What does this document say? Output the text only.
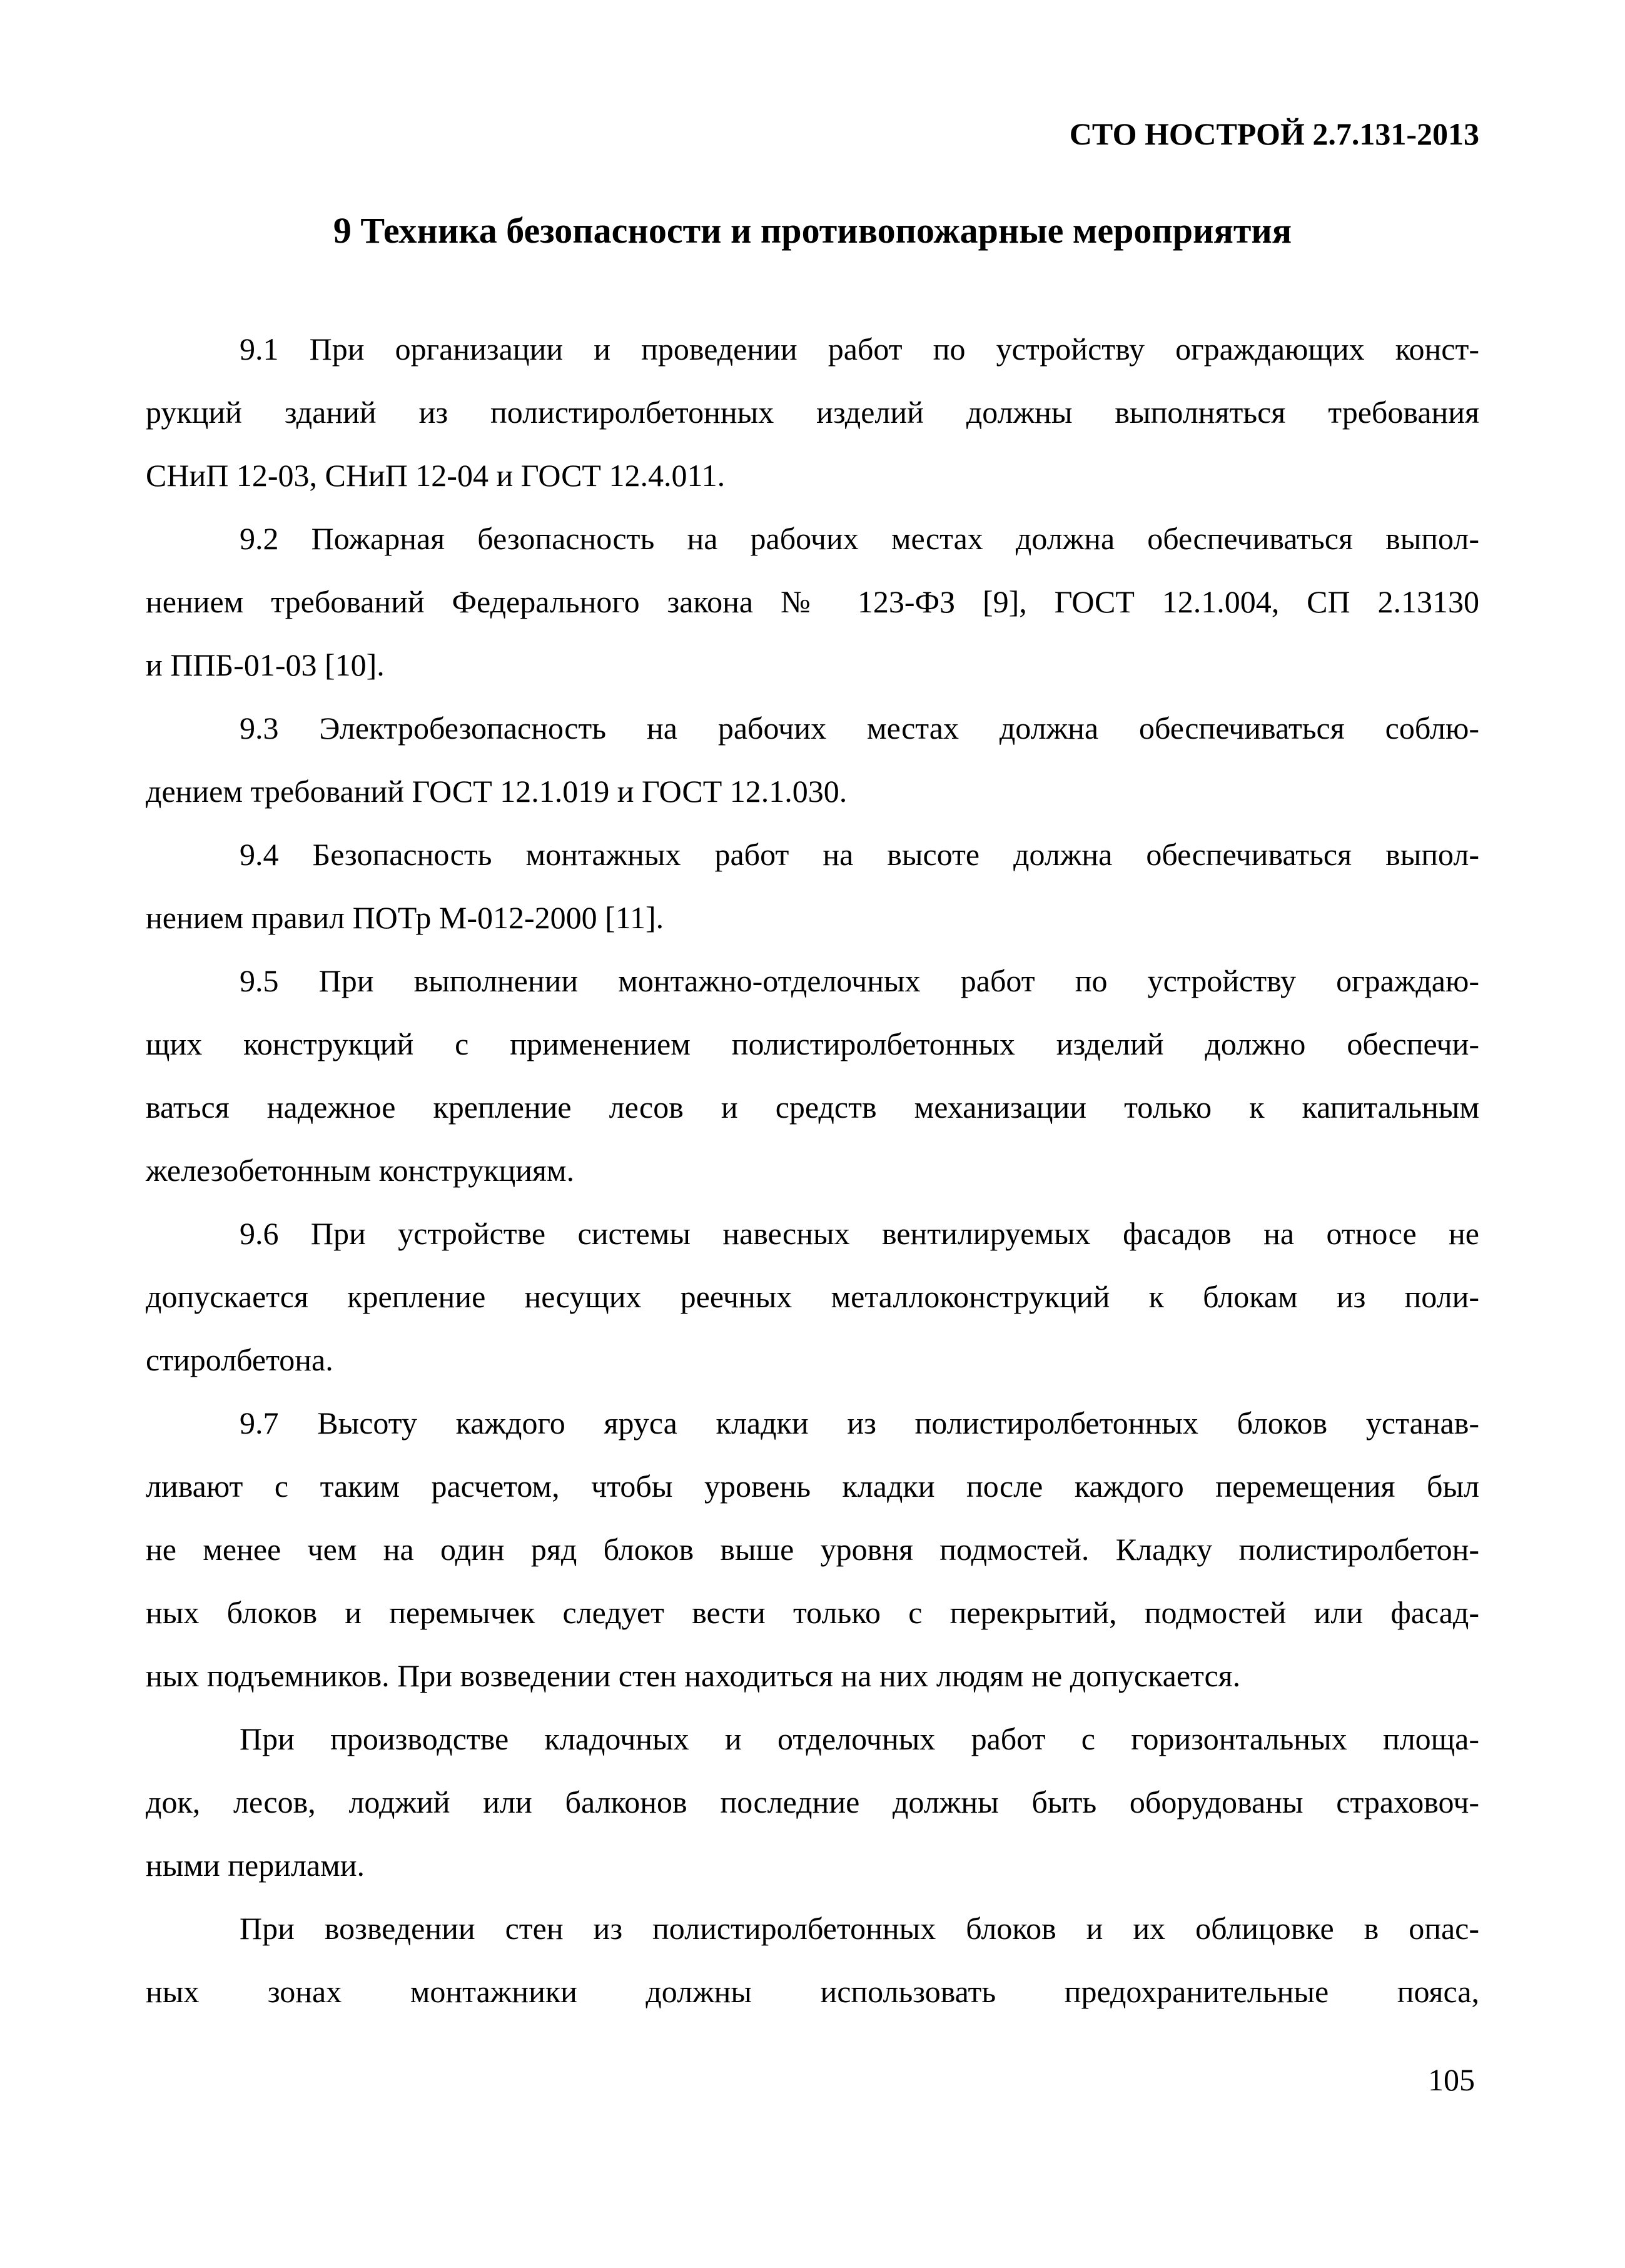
СТО НОСТРОЙ 2.7.131-2013
9 Техника безопасности и противопожарные мероприятия
9.1 При организации и проведении работ по устройству ограждающих конст-
рукций зданий из полистиролбетонных изделий должны выполняться требования
СНиП 12-03, СНиП 12-04 и ГОСТ 12.4.011.
9.2 Пожарная безопасность на рабочих местах должна обеспечиваться выпол-
нением требований Федерального закона № 123-ФЗ [9], ГОСТ 12.1.004, СП 2.13130
и ППБ-01-03 [10].
9.3 Электробезопасность на рабочих местах должна обеспечиваться соблю-
дением требований ГОСТ 12.1.019 и ГОСТ 12.1.030.
9.4 Безопасность монтажных работ на высоте должна обеспечиваться выпол-
нением правил ПОТр М-012-2000 [11].
9.5 При выполнении монтажно-отделочных работ по устройству ограждаю-
щих конструкций с применением полистиролбетонных изделий должно обеспечи-
ваться надежное крепление лесов и средств механизации только к капитальным
железобетонным конструкциям.
9.6 При устройстве системы навесных вентилируемых фасадов на относе не
допускается крепление несущих реечных металлоконструкций к блокам из поли-
стиролбетона.
9.7 Высоту каждого яруса кладки из полистиролбетонных блоков устанав-
ливают с таким расчетом, чтобы уровень кладки после каждого перемещения был
не менее чем на один ряд блоков выше уровня подмостей. Кладку полистиролбетон-
ных блоков и перемычек следует вести только с перекрытий, подмостей или фасад-
ных подъемников. При возведении стен находиться на них людям не допускается.
При производстве кладочных и отделочных работ с горизонтальных площа-
док, лесов, лоджий или балконов последние должны быть оборудованы страховоч-
ными перилами.
При возведении стен из полистиролбетонных блоков и их облицовке в опас-
ных зонах монтажники должны использовать предохранительные пояса,
105
